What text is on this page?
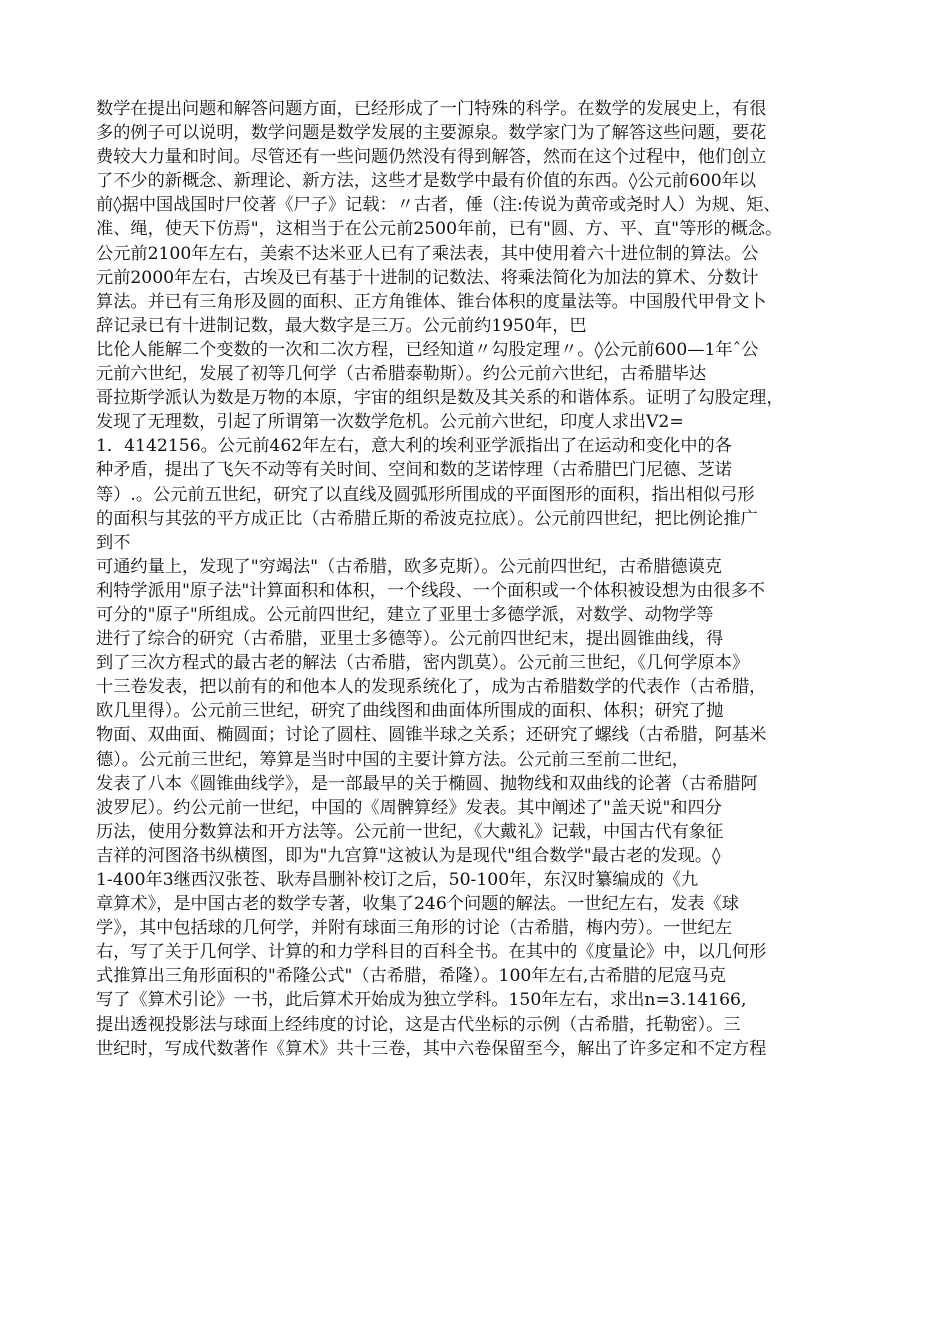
数学在提出问题和解答问题方面，已经形成了一门特殊的科学。在数学的发展史上，有很
多的例子可以说明，数学问题是数学发展的主要源泉。数学家门为了解答这些问题，要花
费较大力量和时间。尽管还有一些问题仍然没有得到解答，然而在这个过程中，他们创立
了不少的新概念、新理论、新方法，这些才是数学中最有价值的东西。◊公元前600年以
前◊据中国战国时尸佼著《尸子》记载：〃古者，倕（注:传说为黄帝或尧时人）为规、矩、
准、绳，使天下仿焉"，这相当于在公元前2500年前，已有"圆、方、平、直"等形的概念。
公元前2100年左右，美索不达米亚人已有了乘法表，其中使用着六十进位制的算法。公
元前2000年左右，古埃及已有基于十进制的记数法、将乘法简化为加法的算术、分数计
算法。并已有三角形及圆的面积、正方角锥体、锥台体积的度量法等。中国殷代甲骨文卜
辞记录已有十进制记数，最大数字是三万。公元前约1950年，巴
比伦人能解二个变数的一次和二次方程，已经知道〃勾股定理〃。◊公元前600—1年ˆ公
元前六世纪，发展了初等几何学（古希腊泰勒斯）。约公元前六世纪，古希腊毕达
哥拉斯学派认为数是万物的本原，宇宙的组织是数及其关系的和谐体系。证明了勾股定理，
发现了无理数，引起了所谓第一次数学危机。公元前六世纪，印度人求出V2=
1．4142156。公元前462年左右，意大利的埃利亚学派指出了在运动和变化中的各
种矛盾，提出了飞矢不动等有关时间、空间和数的芝诺悖理（古希腊巴门尼德、芝诺
等）.。公元前五世纪，研究了以直线及圆弧形所围成的平面图形的面积，指出相似弓形
的面积与其弦的平方成正比（古希腊丘斯的希波克拉底）。公元前四世纪，把比例论推广
到不
可通约量上，发现了"穷竭法"（古希腊，欧多克斯）。公元前四世纪，古希腊德谟克
利特学派用"原子法"计算面积和体积，一个线段、一个面积或一个体积被设想为由很多不
可分的"原子"所组成。公元前四世纪，建立了亚里士多德学派，对数学、动物学等
进行了综合的研究（古希腊，亚里士多德等）。公元前四世纪末，提出圆锥曲线，得
到了三次方程式的最古老的解法（古希腊，密内凯莫）。公元前三世纪，《几何学原本》
十三卷发表，把以前有的和他本人的发现系统化了，成为古希腊数学的代表作（古希腊，
欧几里得）。公元前三世纪，研究了曲线图和曲面体所围成的面积、体积；研究了抛
物面、双曲面、椭圆面；讨论了圆柱、圆锥半球之关系；还研究了螺线（古希腊，阿基米
德）。公元前三世纪，筹算是当时中国的主要计算方法。公元前三至前二世纪，
发表了八本《圆锥曲线学》，是一部最早的关于椭圆、抛物线和双曲线的论著（古希腊阿
波罗尼）。约公元前一世纪，中国的《周髀算经》发表。其中阐述了"盖天说"和四分
历法，使用分数算法和开方法等。公元前一世纪，《大戴礼》记载，中国古代有象征
吉祥的河图洛书纵横图，即为"九宫算"这被认为是现代"组合数学"最古老的发现。◊
1-400年3继西汉张苍、耿寿昌删补校订之后，50-100年，东汉时纂编成的《九
章算术》，是中国古老的数学专著，收集了246个问题的解法。一世纪左右，发表《球
学》，其中包括球的几何学，并附有球面三角形的讨论（古希腊，梅内劳）。一世纪左
右，写了关于几何学、计算的和力学科目的百科全书。在其中的《度量论》中，以几何形
式推算出三角形面积的"希隆公式"（古希腊，希隆）。100年左右,古希腊的尼寇马克
写了《算术引论》一书，此后算术开始成为独立学科。150年左右，求出n=3.14166,
提出透视投影法与球面上经纬度的讨论，这是古代坐标的示例（古希腊，托勒密）。三
世纪时，写成代数著作《算术》共十三卷，其中六卷保留至今，解出了许多定和不定方程
